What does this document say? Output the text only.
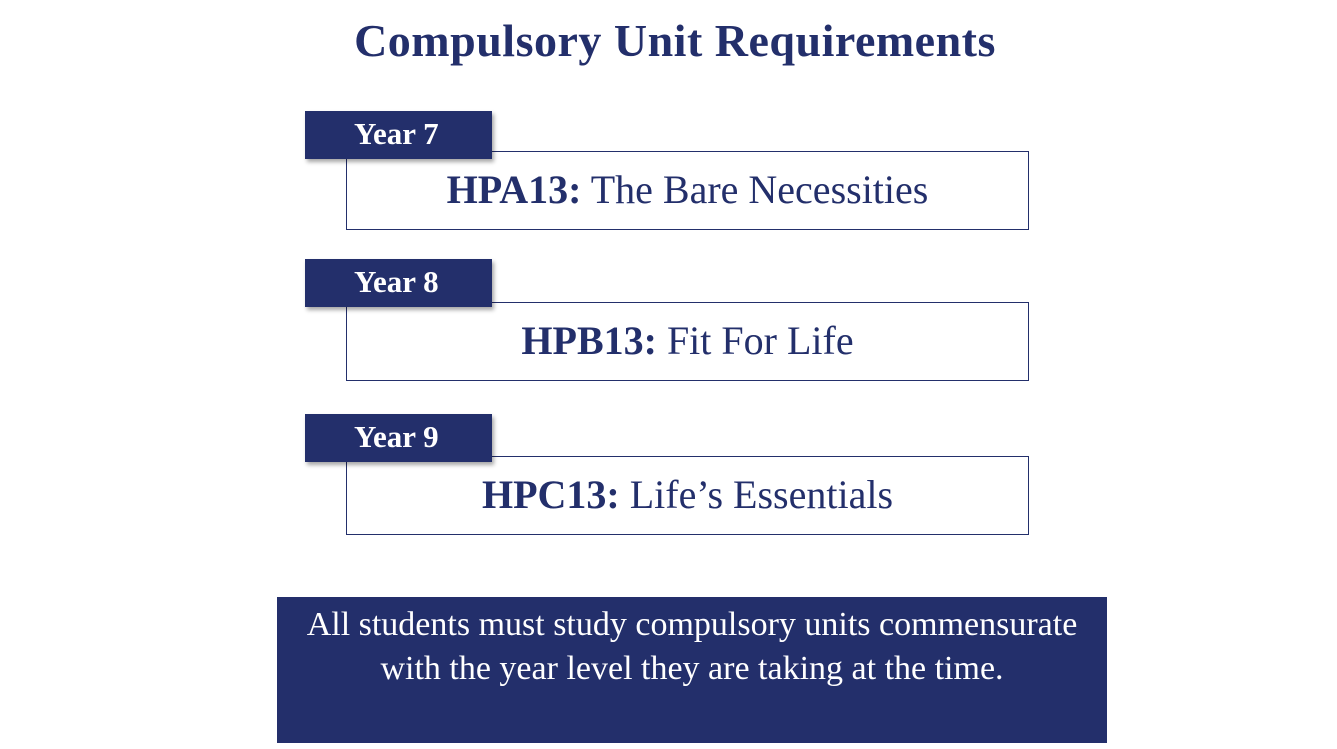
Compulsory Unit Requirements
Year 7
HPA13: The Bare Necessities
Year 8
HPB13: Fit For Life
Year 9
HPC13: Life’s Essentials
All students must study compulsory units commensurate with the year level they are taking at the time.
